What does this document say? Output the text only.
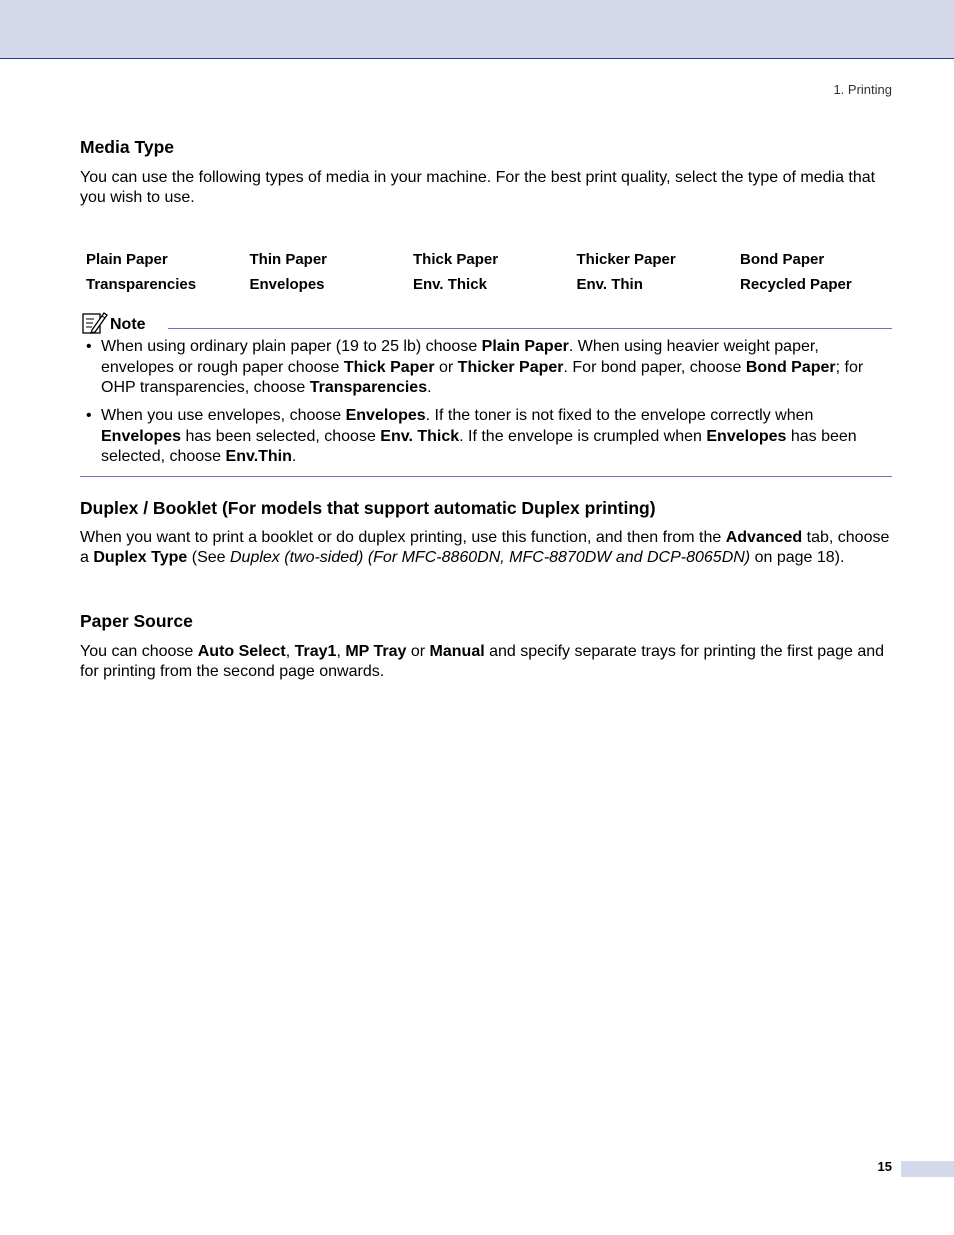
1. Printing
Media Type

You can use the following types of media in your machine. For the best print quality, select the type of media that you wish to use.

Plain Paper	Thin Paper	Thick Paper	Thicker Paper	Bond Paper
Transparencies	Envelopes	Env. Thick	Env. Thin	Recycled Paper
Note
• When using ordinary plain paper (19 to 25 lb) choose Plain Paper. When using heavier weight paper, envelopes or rough paper choose Thick Paper or Thicker Paper. For bond paper, choose Bond Paper; for OHP transparencies, choose Transparencies.
• When you use envelopes, choose Envelopes. If the toner is not fixed to the envelope correctly when Envelopes has been selected, choose Env. Thick. If the envelope is crumpled when Envelopes has been selected, choose Env.Thin.
Duplex / Booklet (For models that support automatic Duplex printing)

When you want to print a booklet or do duplex printing, use this function, and then from the Advanced tab, choose a Duplex Type (See Duplex (two-sided) (For MFC-8860DN, MFC-8870DW and DCP-8065DN) on page 18).

Paper Source

You can choose Auto Select, Tray1, MP Tray or Manual and specify separate trays for printing the first page and for printing from the second page onwards.

15
